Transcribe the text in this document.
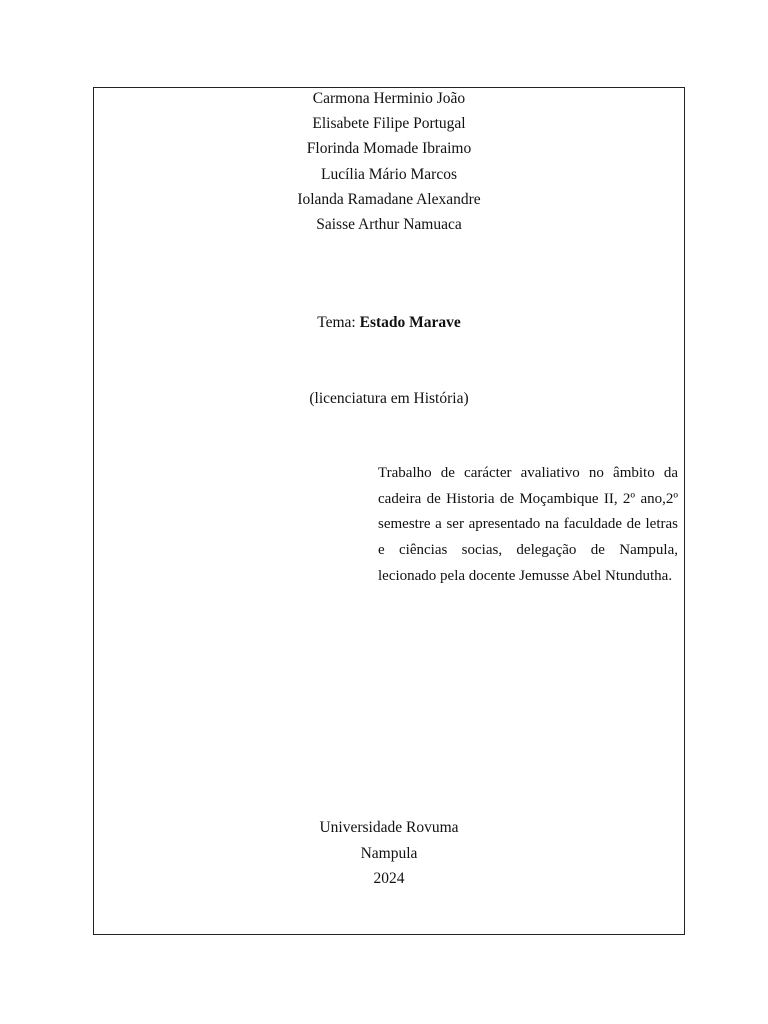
Carmona Herminio João
Elisabete Filipe Portugal
Florinda Momade Ibraimo
Lucília Mário Marcos
Iolanda Ramadane Alexandre
Saisse Arthur Namuaca
Tema: Estado Marave
(licenciatura em História)
Trabalho de carácter avaliativo no âmbito da cadeira de Historia de Moçambique II, 2º ano,2º semestre a ser apresentado na faculdade de letras e ciências socias, delegação de Nampula, lecionado pela docente Jemusse Abel Ntundutha.
Universidade Rovuma
Nampula
2024
